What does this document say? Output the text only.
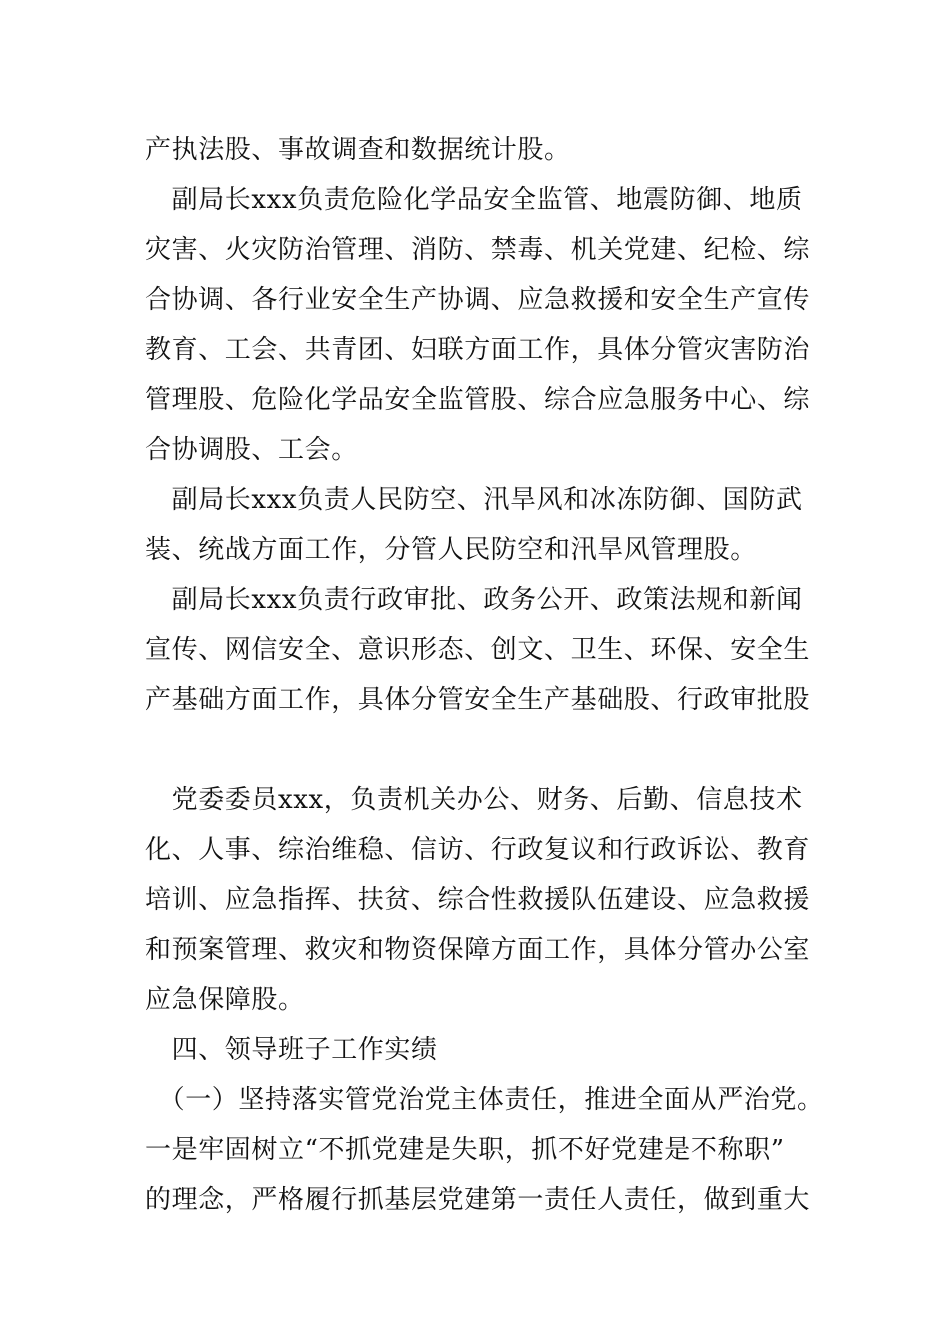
产执法股、事故调查和数据统计股。
　副局长xxx负责危险化学品安全监管、地震防御、地质
灾害、火灾防治管理、消防、禁毒、机关党建、纪检、综
合协调、各行业安全生产协调、应急救援和安全生产宣传
教育、工会、共青团、妇联方面工作，具体分管灾害防治
管理股、危险化学品安全监管股、综合应急服务中心、综
合协调股、工会。
　副局长xxx负责人民防空、汛旱风和冰冻防御、国防武
装、统战方面工作，分管人民防空和汛旱风管理股。
　副局长xxx负责行政审批、政务公开、政策法规和新闻
宣传、网信安全、意识形态、创文、卫生、环保、安全生
产基础方面工作，具体分管安全生产基础股、行政审批股
　党委委员xxx，负责机关办公、财务、后勤、信息技术
化、人事、综治维稳、信访、行政复议和行政诉讼、教育
培训、应急指挥、扶贫、综合性救援队伍建设、应急救援
和预案管理、救灾和物资保障方面工作，具体分管办公室
应急保障股。
　四、领导班子工作实绩
　（一）坚持落实管党治党主体责任，推进全面从严治党。
一是牢固树立“不抓党建是失职，抓不好党建是不称职”
的理念，严格履行抓基层党建第一责任人责任，做到重大
